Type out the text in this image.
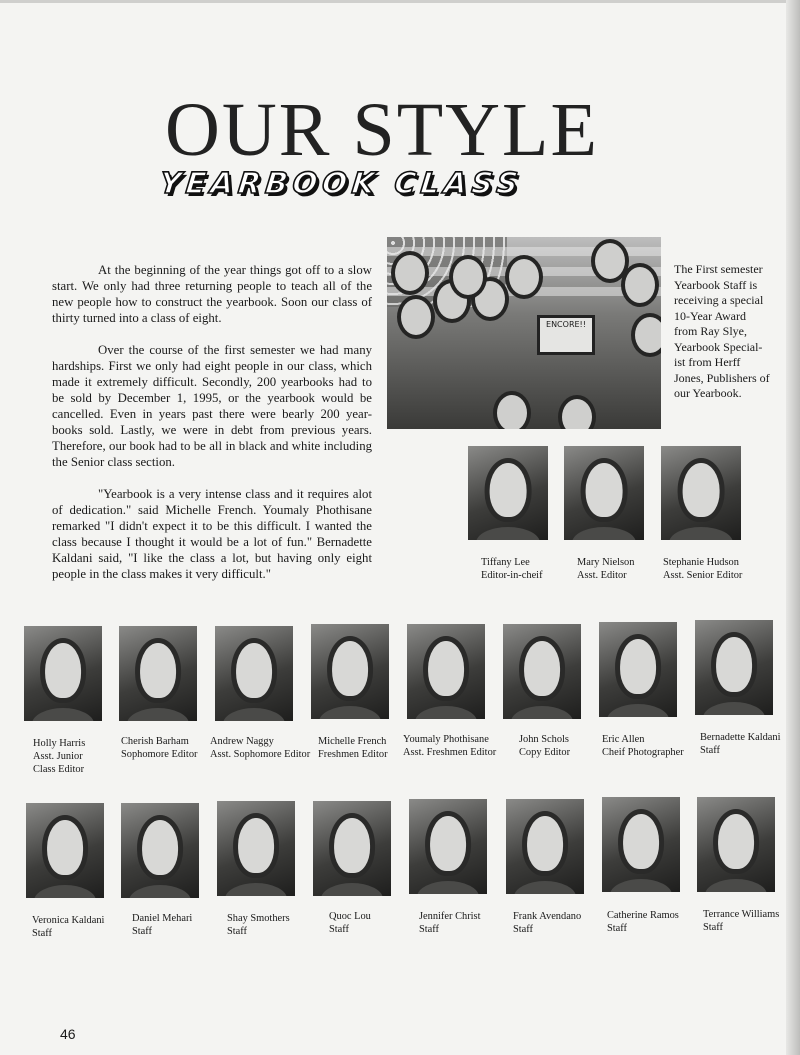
OUR STYLE
YEARBOOK CLASS

At the beginning of the year things got off to a slow start. We only had three returning people to teach all of the new people how to construct the yearbook. Soon our class of thirty turned into a class of eight.

Over the course of the first semester we had many hardships. First we only had eight people in our class, which made it extremely difficult. Secondly, 200 yearbooks had to be sold by December 1, 1995, or the yearbook would be cancelled. Even in years past there were bearly 200 year-books sold. Lastly, we were in debt from previous years. Therefore, our book had to be all in black and white including the Senior class section.

"Yearbook is a very intense class and it requires alot of dedication." said Michelle French. Youmaly Phothisane remarked "I didn't expect it to be this difficult. I wanted the class because I thought it would be a lot of fun." Bernadette Kaldani said, "I like the class a lot, but having only eight people in the class makes it very difficult."

ENCORE!!
The First semester Yearbook Staff is receiving a special 10-Year Award from Ray Slye, Yearbook Special-ist from Herff Jones, Publishers of our Yearbook.
Tiffany Lee
Editor-in-cheif
Mary Nielson
Asst. Editor
Stephanie Hudson
Asst. Senior Editor
Holly Harris
Asst. Junior
Class Editor
Cherish Barham
Sophomore Editor
Andrew Naggy
Asst. Sophomore Editor
Michelle French
Freshmen Editor
Youmaly Phothisane
Asst. Freshmen Editor
John Schols
Copy Editor
Eric Allen
Cheif Photographer
Bernadette Kaldani
Staff
Veronica Kaldani
Staff
Daniel Mehari
Staff
Shay Smothers
Staff
Quoc Lou
Staff
Jennifer Christ
Staff
Frank Avendano
Staff
Catherine Ramos
Staff
Terrance Williams
Staff
46
